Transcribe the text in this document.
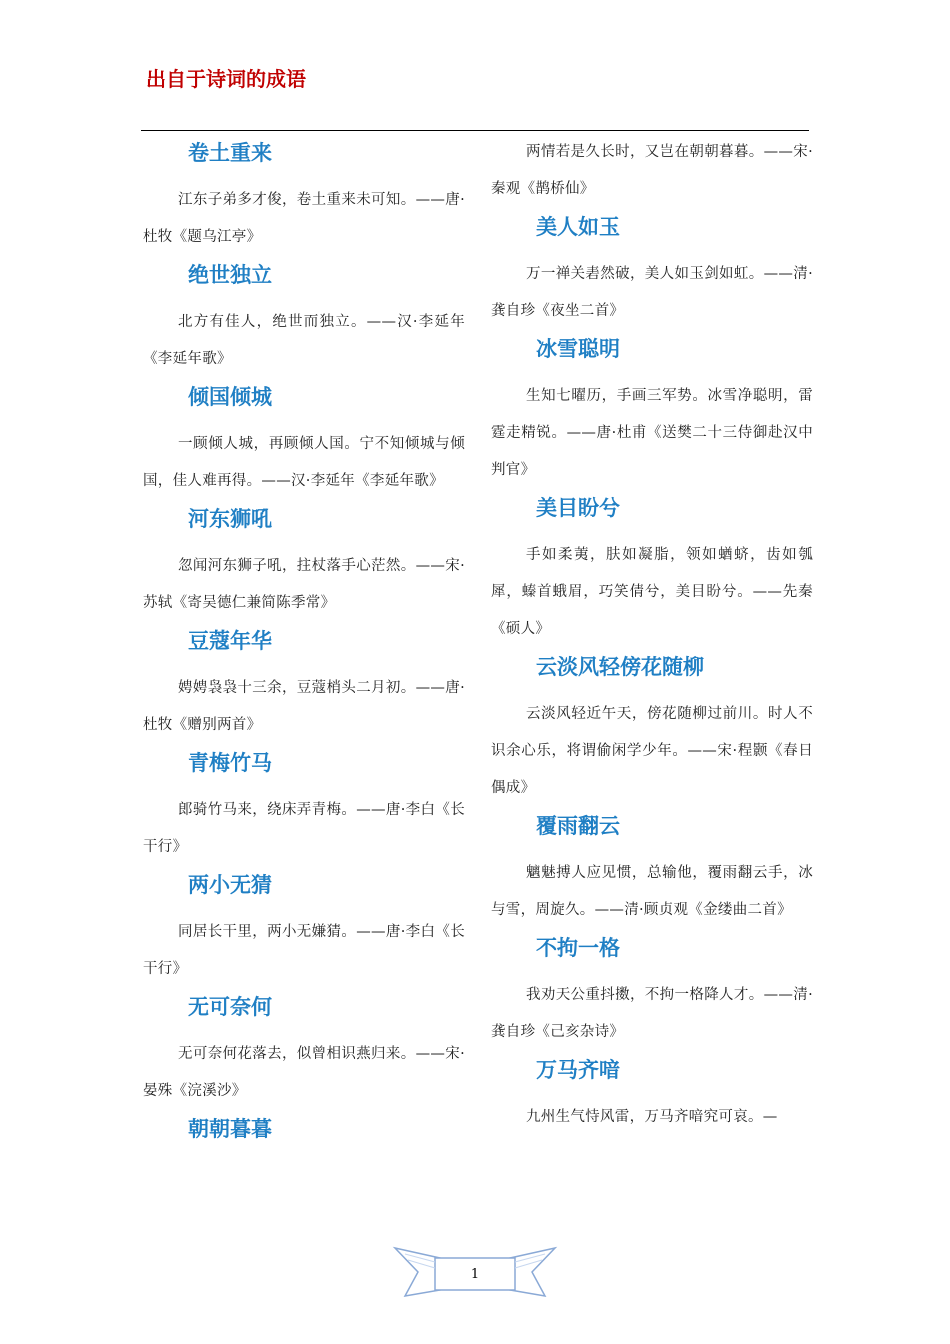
出自于诗词的成语
卷土重来

江东子弟多才俊，卷土重来未可知。——唐·杜牧《题乌江亭》

绝世独立

北方有佳人，绝世而独立。——汉·李延年《李延年歌》

倾国倾城

一顾倾人城，再顾倾人国。宁不知倾城与倾国，佳人难再得。——汉·李延年《李延年歌》

河东狮吼

忽闻河东狮子吼，拄杖落手心茫然。——宋·苏轼《寄吴德仁兼简陈季常》

豆蔻年华

娉娉袅袅十三余，豆蔻梢头二月初。——唐·杜牧《赠别两首》

青梅竹马

郎骑竹马来，绕床弄青梅。——唐·李白《长干行》

两小无猜

同居长干里，两小无嫌猜。——唐·李白《长干行》

无可奈何

无可奈何花落去，似曾相识燕归来。——宋·晏殊《浣溪沙》

朝朝暮暮

两情若是久长时，又岂在朝朝暮暮。——宋·秦观《鹊桥仙》

美人如玉

万一禅关砉然破，美人如玉剑如虹。——清·龚自珍《夜坐二首》

冰雪聪明

生知七曜历，手画三军势。冰雪净聪明，雷霆走精锐。——唐·杜甫《送樊二十三侍御赴汉中判官》

美目盼兮

手如柔荑，肤如凝脂，领如蝤蛴，齿如瓠犀，螓首蛾眉，巧笑倩兮，美目盼兮。——先秦《硕人》

云淡风轻傍花随柳

云淡风轻近午天，傍花随柳过前川。时人不识余心乐，将谓偷闲学少年。——宋·程颢《春日偶成》

覆雨翻云

魑魅搏人应见惯，总输他，覆雨翻云手，冰与雪，周旋久。——清·顾贞观《金缕曲二首》

不拘一格

我劝天公重抖擞，不拘一格降人才。——清·龚自珍《己亥杂诗》

万马齐喑

九州生气恃风雷，万马齐喑究可哀。—

1
